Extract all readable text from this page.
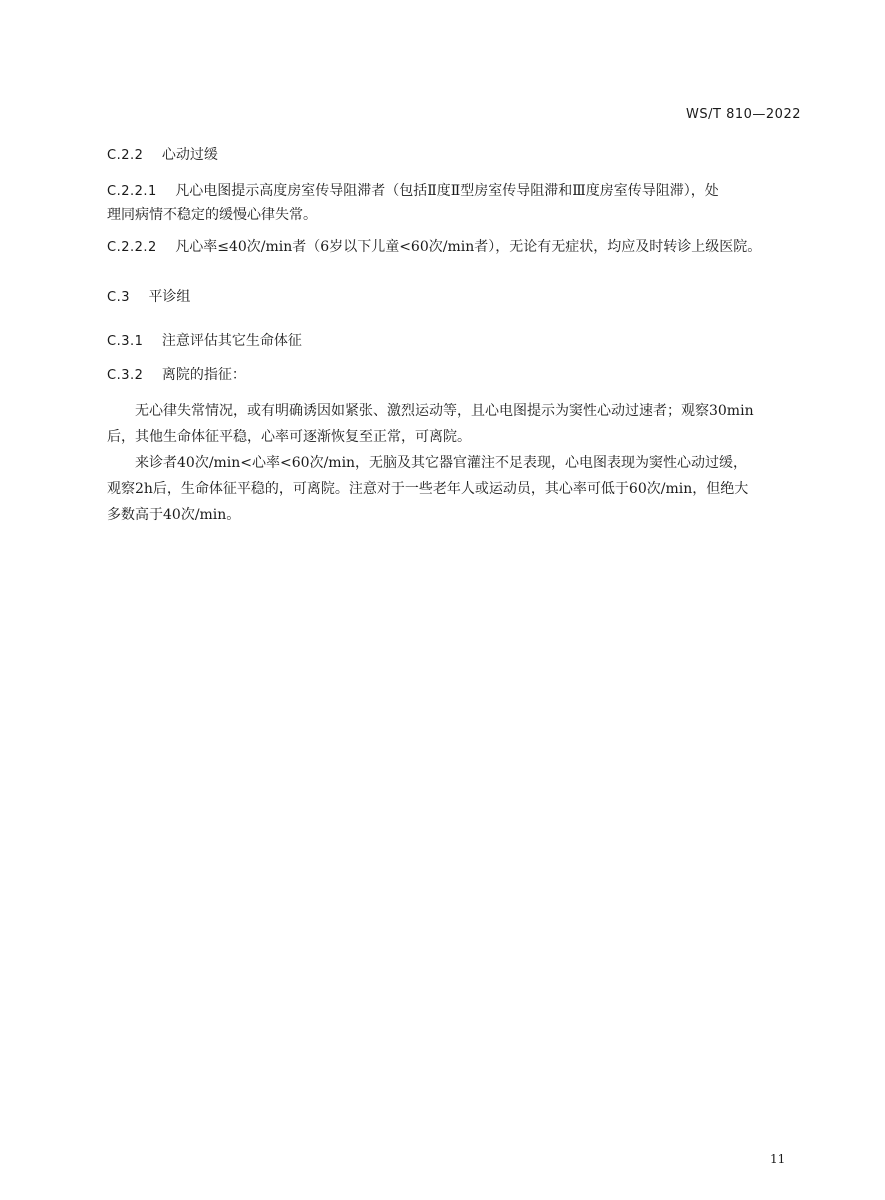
WS/T 810—2022
C.2.2 心动过缓
C.2.2.1 凡心电图提示高度房室传导阻滞者（包括Ⅱ度Ⅱ型房室传导阻滞和Ⅲ度房室传导阻滞），处
理同病情不稳定的缓慢心律失常。
C.2.2.2 凡心率≤40次/min者（6岁以下儿童<60次/min者），无论有无症状，均应及时转诊上级医院。
C.3 平诊组
C.3.1 注意评估其它生命体征
C.3.2 离院的指征：

无心律失常情况，或有明确诱因如紧张、激烈运动等，且心电图提示为窦性心动过速者；观察30min

后，其他生命体征平稳，心率可逐渐恢复至正常，可离院。

来诊者40次/min<心率<60次/min，无脑及其它器官灌注不足表现，心电图表现为窦性心动过缓，

观察2h后，生命体征平稳的，可离院。注意对于一些老年人或运动员，其心率可低于60次/min，但绝大

多数高于40次/min。

11
